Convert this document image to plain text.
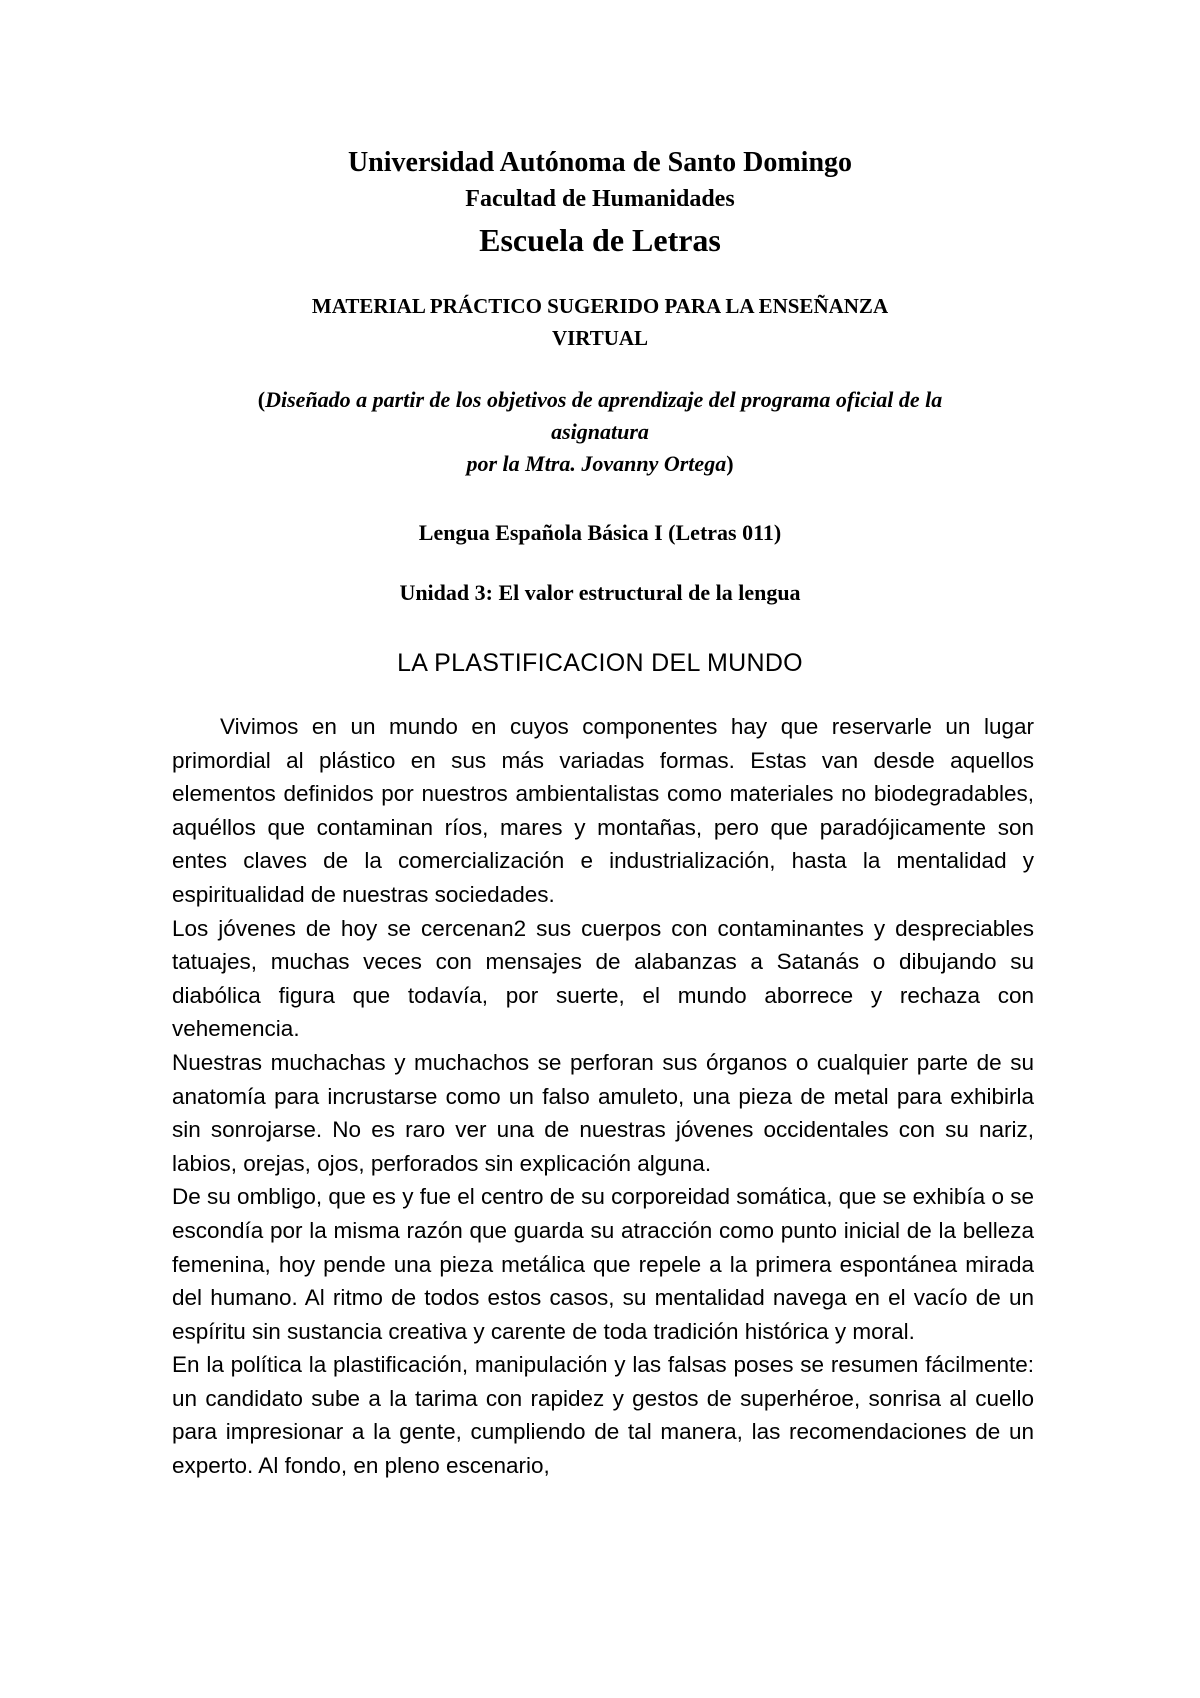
Universidad Autónoma de Santo Domingo
Facultad de Humanidades
Escuela de Letras
MATERIAL PRÁCTICO SUGERIDO PARA LA ENSEÑANZA
VIRTUAL
(Diseñado a partir de los objetivos de aprendizaje del programa oficial de la
asignatura
por la Mtra. Jovanny Ortega)
Lengua Española Básica I (Letras 011)
Unidad 3: El valor estructural de la lengua
LA PLASTIFICACION DEL MUNDO

Vivimos en un mundo en cuyos componentes hay que reservarle un lugar primordial al plástico en sus más variadas formas. Estas van desde aquellos elementos definidos por nuestros ambientalistas como materiales no biodegradables, aquéllos que contaminan ríos, mares y montañas, pero que paradójicamente son entes claves de la comercialización e industrialización, hasta la mentalidad y espiritualidad de nuestras sociedades.

Los jóvenes de hoy se cercenan2 sus cuerpos con contaminantes y despreciables tatuajes, muchas veces con mensajes de alabanzas a Satanás o dibujando su diabólica figura que todavía, por suerte, el mundo aborrece y rechaza con vehemencia.

Nuestras muchachas y muchachos se perforan sus órganos o cualquier parte de su anatomía para incrustarse como un falso amuleto, una pieza de metal para exhibirla sin sonrojarse. No es raro ver una de nuestras jóvenes occidentales con su nariz, labios, orejas, ojos, perforados sin explicación alguna.

De su ombligo, que es y fue el centro de su corporeidad somática, que se exhibía o se escondía por la misma razón que guarda su atracción como punto inicial de la belleza femenina, hoy pende una pieza metálica que repele a la primera espontánea mirada del humano. Al ritmo de todos estos casos, su mentalidad navega en el vacío de un espíritu sin sustancia creativa y carente de toda tradición histórica y moral.

En la política la plastificación, manipulación y las falsas poses se resumen fácilmente: un candidato sube a la tarima con rapidez y gestos de superhéroe, sonrisa al cuello para impresionar a la gente, cumpliendo de tal manera, las recomendaciones de un experto. Al fondo, en pleno escenario,
